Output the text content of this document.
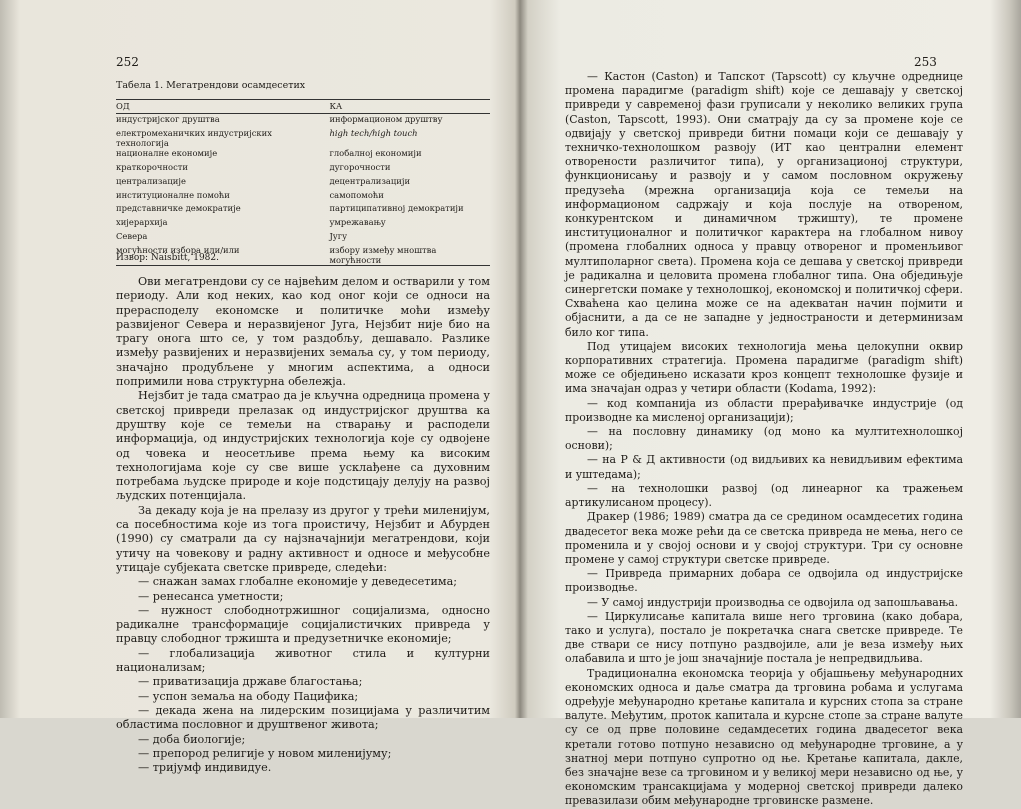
252
Табела 1. Мегатрендови осамдесетих
ОД	КА
индустријског друштва	информационом друштву
електромеханичких индустријских технологија	high tech/high touch
националне економије	глобалној економији
краткорочности	дугорочности
централизације	децентрализацији
институционалне помоћи	самопомоћи
представничке демократије	партиципативној демократији
хијерархија	умрежавању
Севера	Југу
могућности избора или/или	избору између мноштва могућности
Извор: Naisbitt, 1982.

Ови мегатрендови су се највећим делом и остварили у том периоду. Али код неких, као код оног који се односи на прерасподелу економске и политичке моћи између развијеног Севера и неразвијеног Југа, Нејзбит није био на трагу онога што се, у том раздобљу, дешавало. Разлике између развијених и неразвијених земаља су, у том периоду, значајно продубљене у многим аспектима, а односи попримили нова структурна обележја.

Нејзбит је тада сматрао да је кључна одредница промена у светској привреди прелазак од индустријског друштва ка друштву које се темељи на стварању и расподели информација, од индустријских технологија којe су одвојене од човека и неосетљиве према њему ка високим технологијама које су све више усклађене са духовним потребама људске природе и које подстицају делују на развој људских потенцијала.

За декаду која је на прелазу из другог у трећи миленијум, са посебностима које из тога проистичу, Нејзбит и Абурден (1990) су сматрали да су најзначајнији мегатрендови, који утичу на човекову и радну активност и односе и међусобне утицаје субјеката светске привреде, следећи:

— снажан замах глобалне економије у деведесетима;

— ренесанса уметности;

— нужност слободнотржишног социјализма, односно радикалне трансформације социјалистичких привреда у правцу слободног тржишта и предузетничке економије;

— глобализација животног стила и културни национализам;

— приватизација државе благостања;

— успон земаља на ободу Пацифика;

— декада жена на лидерским позицијама у различитим областима пословног и друштвеног живота;

— доба биологије;

— препород религије у новом миленијуму;

— тријумф индивидуе.

253

— Кастон (Caston) и Тапскот (Tapscott) су кључне одреднице промена парадигме (paradigm shift) које се дешавају у светској привреди у савременој фази груписали у неколико великих група (Caston, Tapscott, 1993). Они сматрају да су за промене које се одвијају у светској привреди битни помаци који се дешавају у техничко-технолошком развоју (ИТ као централни елемент отворености различитог типа), у организационој структури, функционисању и развоју и у самом пословном окружењу предузећа (мрежна организација која се темељи на информационом садржају и која послује на отвореном, конкурентском и динамичном тржишту), те промене институционалног и политичког карактера на глобалном нивоу (промена глобалних односа у правцу отвореног и променљивог мултиполарног света). Промена која се дешава у светској привреди је радикална и целовита промена глобалног типа. Она обједињује синергетски помаке у технолошкој, економској и политичкој сфери. Схваћена као целина може се на адекватан начин појмити и објаснити, а да се не западне у једностраности и детерминизам било ког типа.

Под утицајем високих технологија мења целокупни оквир корпоративних стратегија. Промена парадигме (paradigm shift) може се обједињено исказати кроз концепт технолошке фузије и има значајан одраз у четири области (Kodama, 1992):

— код компанија из области прерађивачке индустрије (од производне ка мисленој организацији);

— на пословну динамику (од моно ка мултитехнолошкој основи);

— на Р & Д активности (од видљивих ка невидљивим ефектима и уштедама);

— на технолошки развој (од линеарног ка тражењем артикулисаном процесу).

Дракер (1986; 1989) сматра да се средином осамдесетих година двадесетог века може рећи да се светска привреда не мења, него се променила и у својој основи и у својој структури. Три су основне промене у самој структури светске привреде.

— Привреда примарних добара се одвојила од индустријске производње.

— У самој индустрији производња се одвојила од запошљавања.

— Циркулисање капитала више него трговина (како добара, тако и услуга), постало је покретачка снага светске привреде. Те две ствари се нису потпуно раздвојиле, али је веза између њих олабавила и што је још значајније постала је непредвидљива.

Традиционална економска теорија у објашњењу међународних економских односа и даље сматра да трговина робама и услугама одређује међународно кретање капитала и курсних стопа за стране валуте. Међутим, проток капитала и курсне стопе за стране валуте су се од прве половине седамдесетих година двадесетог века кретали готово потпуно независно од међународне трговине, а у знатној мери потпуно супротно од ње. Кретање капитала, дакле, без значајне везе са трговином и у великој мери независно од ње, у економским трансакцијама у модерној светској привреди далеко превазилази обим међународне трговинске размене.
